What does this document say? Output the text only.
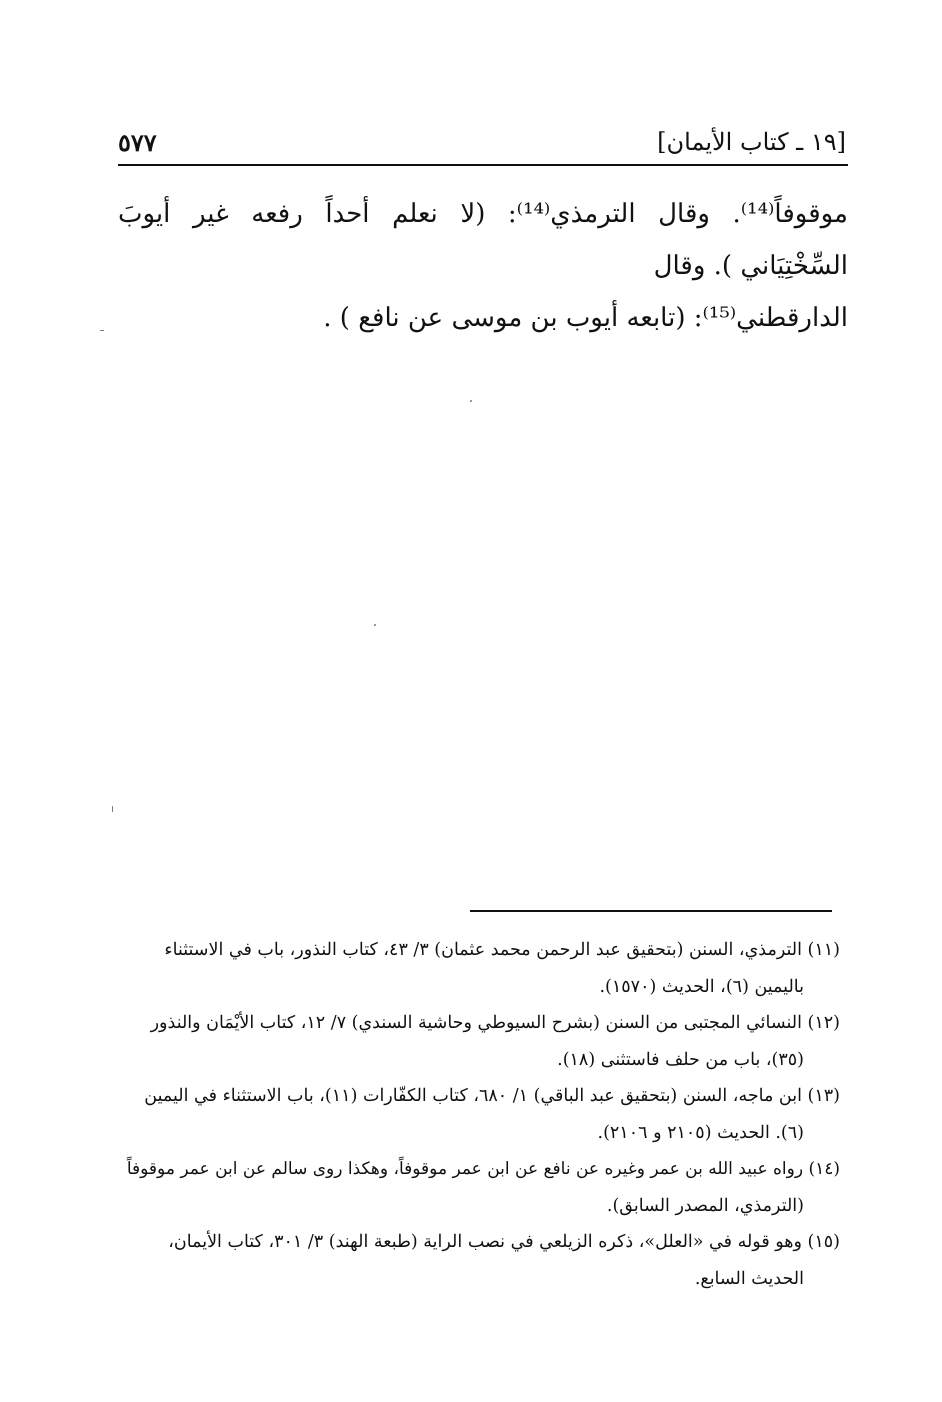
٥٧٧	[١٩ ـ كتاب الأيمان]
موقوفاً⁽¹⁴⁾. وقال الترمذي⁽¹⁴⁾: (لا نعلم أحداً رفعه غير أيوبَ السِّخْتِيَاني ). وقال
الدارقطني⁽¹⁵⁾: (تابعه أيوب بن موسى عن نافع ) .
(١١) الترمذي، السنن (بتحقيق عبد الرحمن محمد عثمان) ٣/ ٤٣، كتاب النذور، باب في الاستثناء
باليمين (٦)، الحديث (١٥٧٠).
(١٢) النسائي المجتبى من السنن (بشرح السيوطي وحاشية السندي) ٧/ ١٢، كتاب الأيْمَان والنذور
(٣٥)، باب من حلف فاستثنى (١٨).
(١٣) ابن ماجه، السنن (بتحقيق عبد الباقي) ١/ ٦٨٠، كتاب الكفّارات (١١)، باب الاستثناء في اليمين
(٦). الحديث (٢١٠٥ و ٢١٠٦).
(١٤) رواه عبيد الله بن عمر وغيره عن نافع عن ابن عمر موقوفاً، وهكذا روى سالم عن ابن عمر موقوفاً
(الترمذي، المصدر السابق).
(١٥) وهو قوله في «العلل»، ذكره الزيلعي في نصب الراية (طبعة الهند) ٣/ ٣٠١، كتاب الأيمان،
الحديث السابع.
